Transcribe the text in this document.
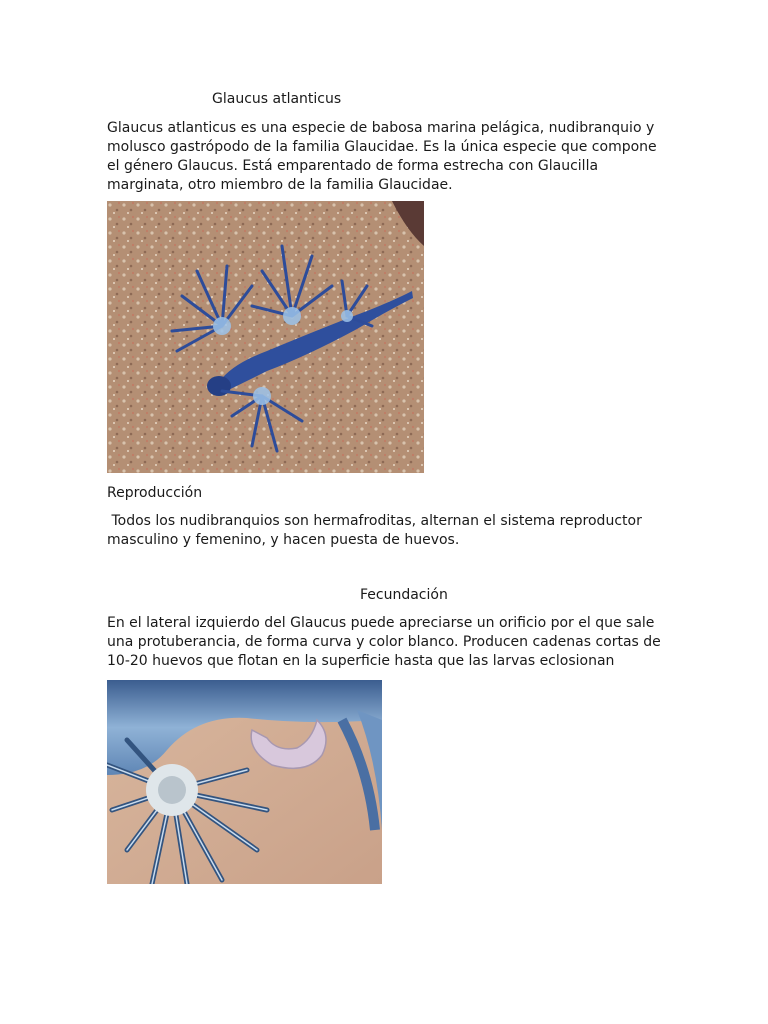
Glaucus atlanticus
Glaucus atlanticus es una especie de babosa marina pelágica, nudibranquio y
molusco gastrópodo de la familia Glaucidae. Es la única especie que compone
el género Glaucus. Está emparentado de forma estrecha con Glaucilla
marginata, otro miembro de la familia Glaucidae.
Reproducción
Todos los nudibranquios son hermafroditas, alternan el sistema reproductor
masculino y femenino, y hacen puesta de huevos.
Fecundación
En el lateral izquierdo del Glaucus puede apreciarse un orificio por el que sale
una protuberancia, de forma curva y color blanco. Producen cadenas cortas de
10-20 huevos que flotan en la superficie hasta que las larvas eclosionan
